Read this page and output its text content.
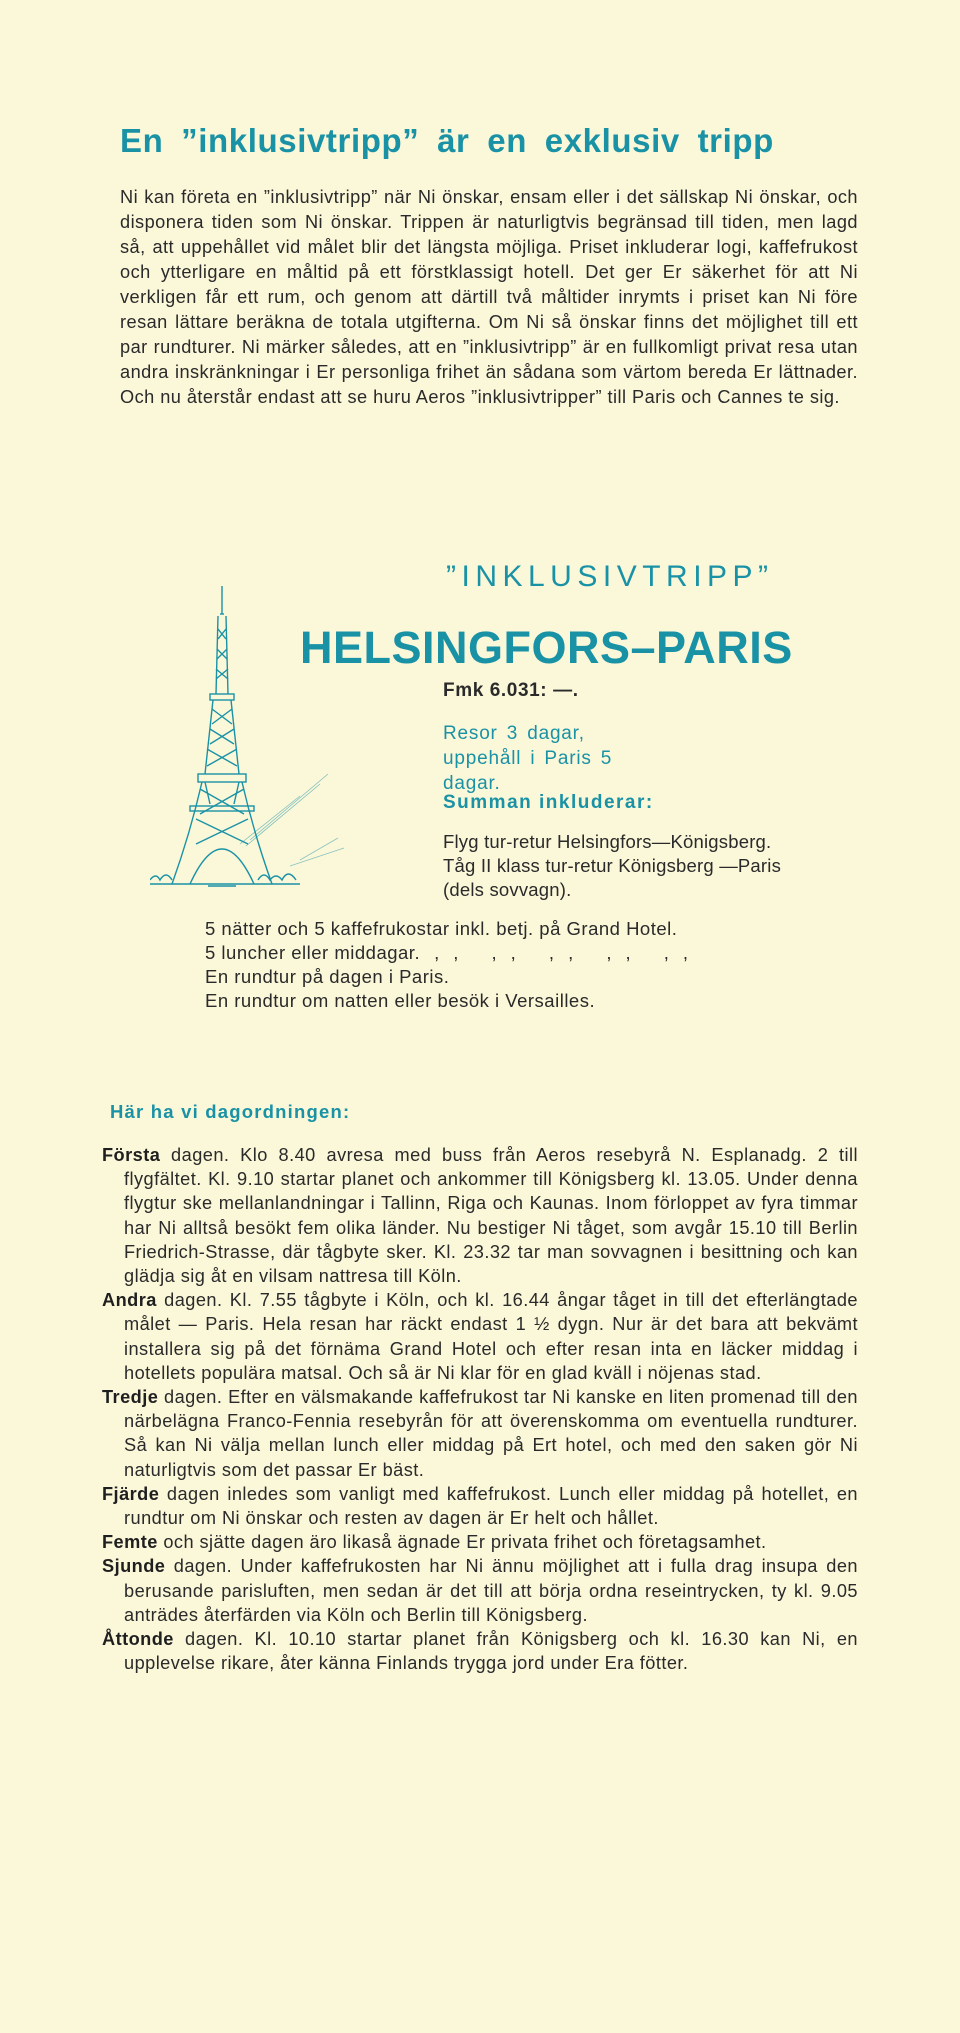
En ”inklusivtripp” är en exklusiv tripp

Ni kan företa en ”inklusivtripp” när Ni önskar, ensam eller i det sällskap Ni önskar, och disponera tiden som Ni önskar. Trippen är naturligtvis begränsad till tiden, men lagd så, att uppehållet vid målet blir det längsta möjliga. Priset inkluderar logi, kaffefrukost och ytterligare en måltid på ett förstklassigt hotell. Det ger Er säkerhet för att Ni verkligen får ett rum, och genom att därtill två måltider inrymts i priset kan Ni före resan lättare beräkna de totala utgifterna. Om Ni så önskar finns det möjlighet till ett par rundturer. Ni märker således, att en ”inklusivtripp” är en fullkomligt privat resa utan andra inskränkningar i Er personliga frihet än sådana som värtom bereda Er lättnader. Och nu återstår endast att se huru Aeros ”inklusivtripper” till Paris och Cannes te sig.

”INKLUSIVTRIPP”

HELSINGFORS–PARIS

Fmk 6.031: —.

Resor 3 dagar, uppehåll i Paris 5 dagar.

Summan inkluderar:

Flyg tur-retur Helsingfors—Königsberg.
Tåg II klass tur-retur Königsberg —Paris
(dels sovvagn).
5 nätter och 5 kaffefrukostar inkl. betj. på Grand Hotel.
5 luncher eller middagar. ,, ,, ,, ,, ,,
En rundtur på dagen i Paris.
En rundtur om natten eller besök i Versailles.

Här ha vi dagordningen:

Första dagen. Klo 8.40 avresa med buss från Aeros resebyrå N. Esplanadg. 2 till flygfältet. Kl. 9.10 startar planet och ankommer till Königsberg kl. 13.05. Under denna flygtur ske mellanlandningar i Tallinn, Riga och Kaunas. Inom förloppet av fyra timmar har Ni alltså besökt fem olika länder. Nu bestiger Ni tåget, som avgår 15.10 till Berlin Friedrich-Strasse, där tågbyte sker. Kl. 23.32 tar man sovvagnen i besittning och kan glädja sig åt en vilsam nattresa till Köln.

Andra dagen. Kl. 7.55 tågbyte i Köln, och kl. 16.44 ångar tåget in till det efterlängtade målet — Paris. Hela resan har räckt endast 1 ½ dygn. Nur är det bara att bekvämt installera sig på det förnäma Grand Hotel och efter resan inta en läcker middag i hotellets populära matsal. Och så är Ni klar för en glad kväll i nöjenas stad.

Tredje dagen. Efter en välsmakande kaffefrukost tar Ni kanske en liten promenad till den närbelägna Franco-Fennia resebyrån för att överenskomma om eventuella rundturer. Så kan Ni välja mellan lunch eller middag på Ert hotel, och med den saken gör Ni naturligtvis som det passar Er bäst.

Fjärde dagen inledes som vanligt med kaffefrukost. Lunch eller middag på hotellet, en rundtur om Ni önskar och resten av dagen är Er helt och hållet.

Femte och sjätte dagen äro likaså ägnade Er privata frihet och företagsamhet.

Sjunde dagen. Under kaffefrukosten har Ni ännu möjlighet att i fulla drag insupa den berusande parisluften, men sedan är det till att börja ordna reseintrycken, ty kl. 9.05 anträdes återfärden via Köln och Berlin till Königsberg.

Åttonde dagen. Kl. 10.10 startar planet från Königsberg och kl. 16.30 kan Ni, en upplevelse rikare, åter känna Finlands trygga jord under Era fötter.
